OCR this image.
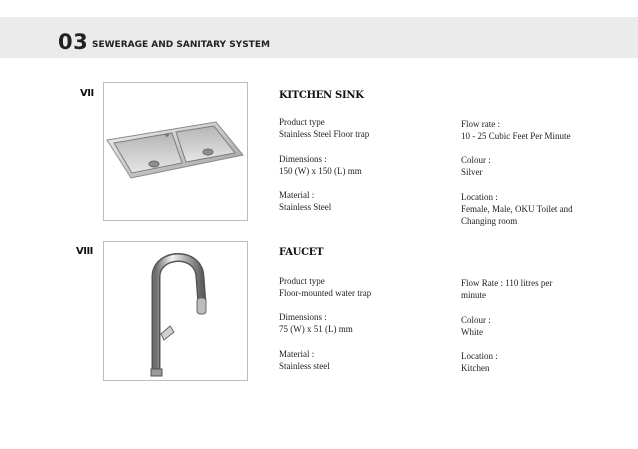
03 SEWERAGE AND SANITARY SYSTEM
VII	KITCHEN SINK
Product type
Stainless Steel Floor trap
Dimensions :
150 (W) x 150 (L) mm
Material :
Stainless Steel
Flow rate :
10 - 25 Cubic Feet Per Minute
Colour :
Silver
Location :
Female, Male, OKU Toilet and Changing room
VIII	FAUCET
Product type
Floor-mounted water trap
Dimensions :
75 (W) x 51 (L) mm
Material :
Stainless steel
Flow Rate : 110 litres per
minute
Colour :
White
Location :
Kitchen
